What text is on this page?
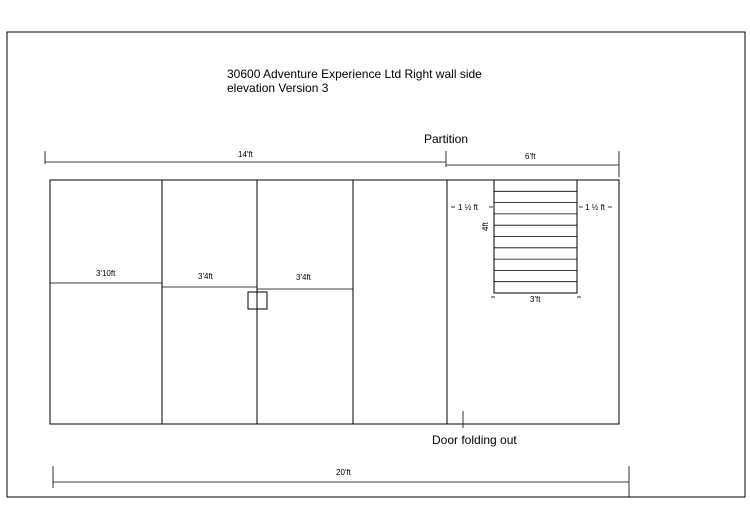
30600 Adventure Experience Ltd Right wall side
elevation Version 3
Partition
14'ft	6'ft
3'10ft	3'4ft	3'4ft
1 ½ ft	1 ½ ft
4ft
3'ft
Door folding out
20'ft
